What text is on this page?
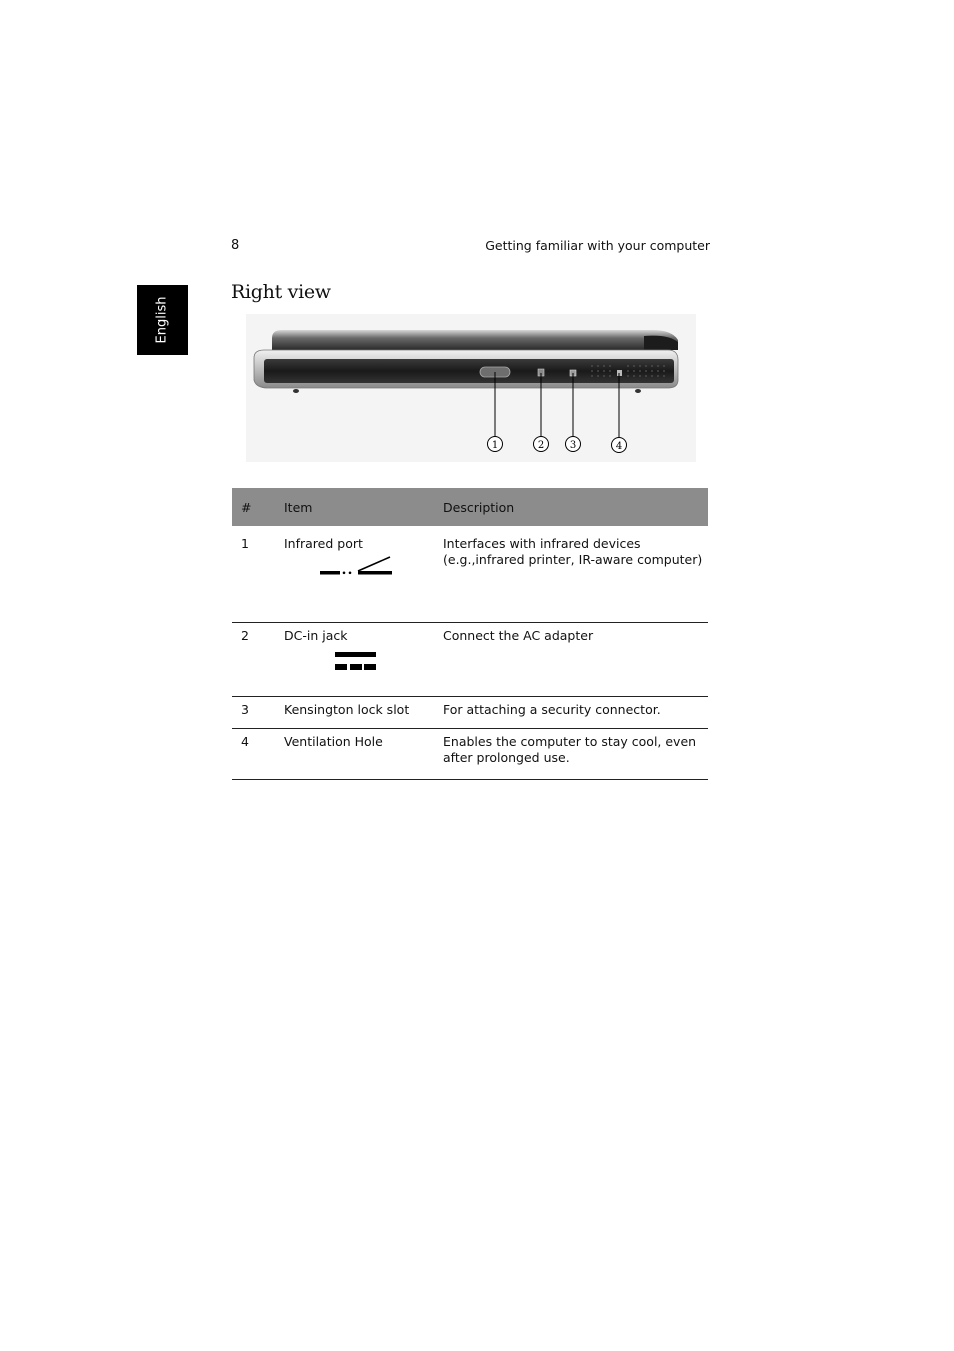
English
8	Getting familiar with your computer
Right view
1	2	3	4
#	Item	Description

1	Infrared port	Interfaces with infrared devices
(e.g.,infrared printer, IR-aware computer)

2	DC-in jack	Connect the AC adapter

3	Kensington lock slot	For attaching a security connector.

4	Ventilation Hole	Enables the computer to stay cool, even
after prolonged use.
